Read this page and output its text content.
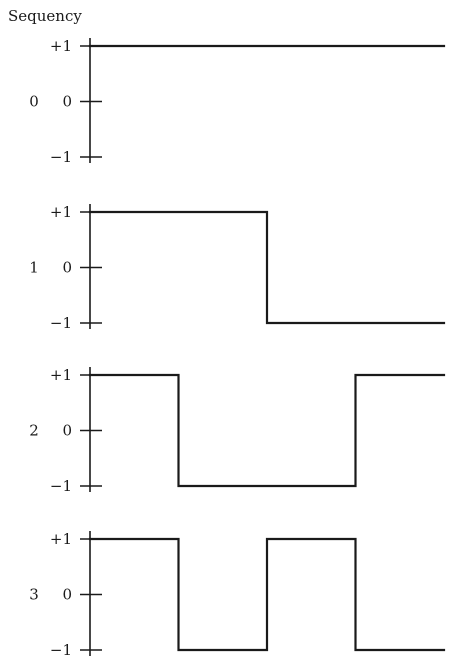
Sequency
+1
0
−1
0
+1
0
−1
1
+1
0
−1
2
+1
0
−1
3
